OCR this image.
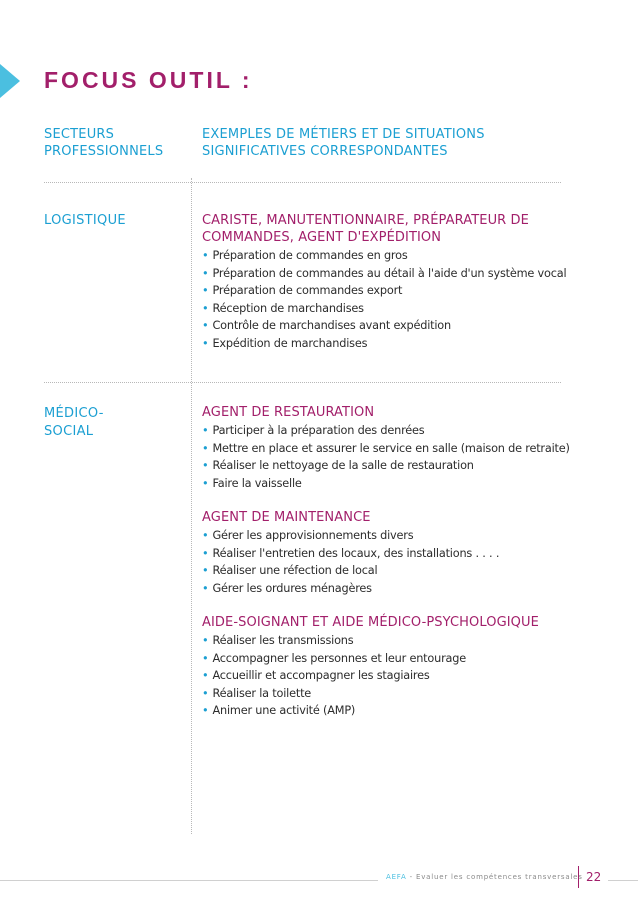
FOCUS OUTIL :
SECTEURS PROFESSIONNELS
EXEMPLES DE MÉTIERS ET DE SITUATIONS SIGNIFICATIVES CORRESPONDANTES
LOGISTIQUE	CARISTE, MANUTENTIONNAIRE, PRÉPARATEUR DE COMMANDES, AGENT D'EXPÉDITION
• Préparation de commandes en gros
• Préparation de commandes au détail à l'aide d'un système vocal
• Préparation de commandes export
• Réception de marchandises
• Contrôle de marchandises avant expédition
• Expédition de marchandises
MÉDICO-SOCIAL
AGENT DE RESTAURATION
• Participer à la préparation des denrées
• Mettre en place et assurer le service en salle (maison de retraite)
• Réaliser le nettoyage de la salle de restauration
• Faire la vaisselle
AGENT DE MAINTENANCE
• Gérer les approvisionnements divers
• Réaliser l'entretien des locaux, des installations . . . .
• Réaliser une réfection de local
• Gérer les ordures ménagères
AIDE-SOIGNANT ET AIDE MÉDICO-PSYCHOLOGIQUE
• Réaliser les transmissions
• Accompagner les personnes et leur entourage
• Accueillir et accompagner les stagiaires
• Réaliser la toilette
• Animer une activité (AMP)
AEFA - Evaluer les compétences transversales 22
